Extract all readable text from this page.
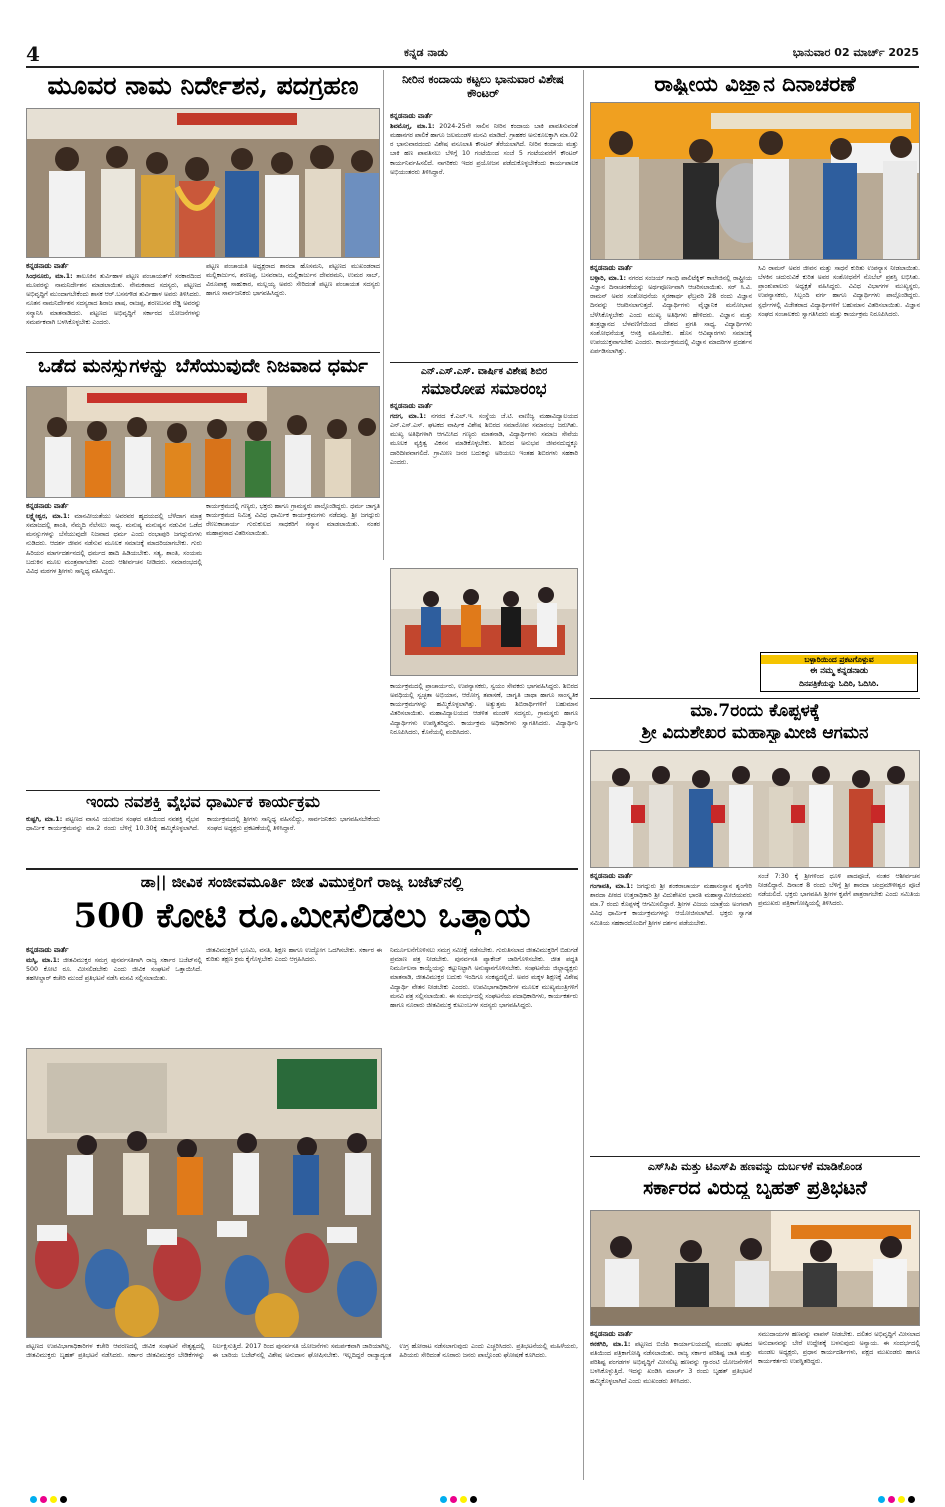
4	ಕನ್ನಡ ನಾಡು	ಭಾನುವಾರ 02 ಮಾರ್ಚ್ 2025
ಮೂವರ ನಾಮ ನಿರ್ದೇಶನ, ಪದಗ್ರಹಣ
ಕನ್ನಡನಾಡು ವಾರ್ತೆ
ಸಿಂಧನೂರು, ಮಾ.1: ತಾಲೂಕಿನ ತುರ್ವಿಹಾಳ ಪಟ್ಟಣ ಪಂಚಾಯತ್‌ಗೆ ಸರಕಾರದಿಂದ ಮೂವರನ್ನು ನಾಮನಿರ್ದೇಶನ ಮಾಡಲಾಯಿತು. ನೇಮಕವಾದ ಸದಸ್ಯರು, ಪಟ್ಟಣದ ಅಭಿವೃದ್ಧಿಗೆ ಮುಂದಾಗಬೇಕೆಂದು ಶಾಸಕ ಆರ್.ಬಸನಗೌಡ ತುರ್ವಿಹಾಳ ಅವರು ತಿಳಿಸಿದರು. ನೂತನ ನಾಮನಿರ್ದೇಶನ ಸದಸ್ಯರಾದ ಶಿರಾಜ ಪಾಷ, ರಾಜಪ್ಪ, ಶರಣಬಸವ ರೆಡ್ಡಿ ಅವರನ್ನು ಸನ್ಮಾನಿಸಿ ಮಾತನಾಡಿದರು. ಪಟ್ಟಣದ ಅಭಿವೃದ್ಧಿಗೆ ಸರ್ಕಾರದ ಯೋಜನೆಗಳನ್ನು ಸಮರ್ಪಕವಾಗಿ ಬಳಸಿಕೊಳ್ಳಬೇಕು ಎಂದರು.
ಪಟ್ಟಣ ಪಂಚಾಯತಿ ಅಧ್ಯಕ್ಷರಾದ ಶಾರದಾ ಹೊಸಮನಿ, ಪಟ್ಟಣದ ಮುಖಂಡರಾದ ಮಲ್ಲಿಕಾರ್ಜುನ, ಶರಣಪ್ಪ, ಬಸವರಾಜ, ಮಲ್ಲಿಕಾರ್ಜುನ ದೇವರಮನಿ, ಉಮರ ಸಾಬ್, ವಿರೂಪಾಕ್ಷ ಸಾಹುಕಾರ, ಮಲ್ಲಯ್ಯ ಅವರು ಸೇರಿದಂತೆ ಪಟ್ಟಣ ಪಂಚಾಯತ ಸದಸ್ಯರು ಹಾಗೂ ಸಾರ್ವಜನಿಕರು ಭಾಗವಹಿಸಿದ್ದರು.
ಒಡೆದ ಮನಸ್ಸುಗಳನ್ನು ಬೆಸೆಯುವುದೇ ನಿಜವಾದ ಧರ್ಮ
ಕನ್ನಡನಾಡು ವಾರ್ತೆ
ಲಕ್ಷ್ಮೇಶ್ವರ, ಮಾ.1: ಮಾನವೀಯತೆಯು ಅವರವರ ಹೃದಯದಲ್ಲಿ ಬೆಳೆದಾಗ ಮಾತ್ರ ಸಮಾಜದಲ್ಲಿ ಶಾಂತಿ, ನೆಮ್ಮದಿ ನೆಲೆಸಲು ಸಾಧ್ಯ. ಮನುಷ್ಯ ಮನುಷ್ಯನ ನಡುವಿನ ಒಡೆದ ಮನಸ್ಸುಗಳನ್ನು ಬೆಸೆಯುವುದೇ ನಿಜವಾದ ಧರ್ಮ ಎಂದು ರಂಭಾಪುರಿ ಜಗದ್ಗುರುಗಳು ನುಡಿದರು. ಆದರ್ಶ ಜೀವನ ನಡೆಸುವ ಮೂಲಕ ಸಮಾಜಕ್ಕೆ ಮಾದರಿಯಾಗಬೇಕು. ಗುರು ಹಿರಿಯರ ಮಾರ್ಗದರ್ಶನದಲ್ಲಿ ಧರ್ಮದ ಹಾದಿ ಹಿಡಿಯಬೇಕು. ಸತ್ಯ, ಶಾಂತಿ, ಸಂಯಮ ಬದುಕಿನ ಮೂಲ ಮಂತ್ರವಾಗಬೇಕು ಎಂದು ಆಶೀರ್ವಚನ ನೀಡಿದರು. ಸಮಾರಂಭದಲ್ಲಿ ವಿವಿಧ ಮಠಗಳ ಶ್ರೀಗಳು ಸಾನ್ನಿಧ್ಯ ವಹಿಸಿದ್ದರು.
ಕಾರ್ಯಕ್ರಮದಲ್ಲಿ ಗಣ್ಯರು, ಭಕ್ತರು ಹಾಗೂ ಗ್ರಾಮಸ್ಥರು ಪಾಲ್ಗೊಂಡಿದ್ದರು. ಧರ್ಮ ಜಾಗೃತಿ ಕಾರ್ಯಕ್ರಮದ ನಿಮಿತ್ತ ವಿವಿಧ ಧಾರ್ಮಿಕ ಕಾರ್ಯಕ್ರಮಗಳು ನಡೆದವು. ಶ್ರೀ ಜಗದ್ಗುರು ರೇಣುಕಾಚಾರ್ಯ ಗುರುಕುಲದ ಸಾಧಕರಿಗೆ ಸನ್ಮಾನ ಮಾಡಲಾಯಿತು. ನಂತರ ಮಹಾಪ್ರಸಾದ ವಿತರಿಸಲಾಯಿತು.
ಇಂದು ನವಶಕ್ತಿ ವೈಭವ ಧಾರ್ಮಿಕ ಕಾರ್ಯಕ್ರಮ
ಕುಷ್ಟಗಿ, ಮಾ.1: ಪಟ್ಟಣದ ವಾಸವಿ ಯುವಜನ ಸಂಘದ ವತಿಯಿಂದ ನವಶಕ್ತಿ ವೈಭವ ಧಾರ್ಮಿಕ ಕಾರ್ಯಕ್ರಮವನ್ನು ಮಾ.2 ರಂದು ಬೆಳಿಗ್ಗೆ 10.30ಕ್ಕೆ ಹಮ್ಮಿಕೊಳ್ಳಲಾಗಿದೆ. ಕಾರ್ಯಕ್ರಮದಲ್ಲಿ ಶ್ರೀಗಳು ಸಾನ್ನಿಧ್ಯ ವಹಿಸಲಿದ್ದು, ಸಾರ್ವಜನಿಕರು ಭಾಗವಹಿಸಬೇಕೆಂದು ಸಂಘದ ಅಧ್ಯಕ್ಷರು ಪ್ರಕಟಣೆಯಲ್ಲಿ ತಿಳಿಸಿದ್ದಾರೆ.
ನೀರಿನ ಕಂದಾಯ ಕಟ್ಟಲು ಭಾನುವಾರ ವಿಶೇಷ ಕೌಂಟರ್
ಕನ್ನಡನಾಡು ವಾರ್ತೆ
ಶಿವಮೊಗ್ಗ, ಮಾ.1: 2024-25ನೇ ಸಾಲಿನ ನೀರಿನ ಕಂದಾಯ ಬಾಕಿ ಪಾವತಿಸುವಂತೆ ಮಹಾನಗರ ಪಾಲಿಕೆ ಹಾಗೂ ಜಲಮಂಡಳಿ ಮನವಿ ಮಾಡಿದೆ. ಗ್ರಾಹಕರ ಅನುಕೂಲಕ್ಕಾಗಿ ಮಾ.02 ರ ಭಾನುವಾರದಂದು ವಿಶೇಷ ವಸೂಲಾತಿ ಕೌಂಟರ್ ತೆರೆಯಲಾಗಿದೆ. ನೀರಿನ ಕಂದಾಯ ಮತ್ತು ಬಾಕಿ ಹಣ ಪಾವತಿಸಲು ಬೆಳಿಗ್ಗೆ 10 ಗಂಟೆಯಿಂದ ಸಂಜೆ 5 ಗಂಟೆಯವರೆಗೆ ಕೌಂಟರ್ ಕಾರ್ಯನಿರ್ವಹಿಸಲಿದೆ. ನಾಗರಿಕರು ಇದರ ಪ್ರಯೋಜನ ಪಡೆದುಕೊಳ್ಳಬೇಕೆಂದು ಕಾರ್ಯಪಾಲಕ ಅಭಿಯಂತರರು ತಿಳಿಸಿದ್ದಾರೆ.
ಎನ್.ಎಸ್.ಎಸ್. ವಾರ್ಷಿಕ ವಿಶೇಷ ಶಿಬಿರ
ಸಮಾರೋಪ ಸಮಾರಂಭ
ಕನ್ನಡನಾಡು ವಾರ್ತೆ
ಗದಗ, ಮಾ.1: ನಗರದ ಕೆ.ಎಲ್.ಇ. ಸಂಸ್ಥೆಯ ಜೆ.ಟಿ. ವಾಣಿಜ್ಯ ಮಹಾವಿದ್ಯಾಲಯದ ಎನ್.ಎಸ್.ಎಸ್. ಘಟಕದ ವಾರ್ಷಿಕ ವಿಶೇಷ ಶಿಬಿರದ ಸಮಾರೋಪ ಸಮಾರಂಭ ಜರುಗಿತು. ಮುಖ್ಯ ಅತಿಥಿಗಳಾಗಿ ಆಗಮಿಸಿದ ಗಣ್ಯರು ಮಾತನಾಡಿ, ವಿದ್ಯಾರ್ಥಿಗಳು ಸಮಾಜ ಸೇವೆಯ ಮೂಲಕ ವ್ಯಕ್ತಿತ್ವ ವಿಕಸನ ಮಾಡಿಕೊಳ್ಳಬೇಕು. ಶಿಬಿರದ ಅನುಭವ ಜೀವನದುದ್ದಕ್ಕೂ ದಾರಿದೀಪವಾಗಲಿದೆ. ಗ್ರಾಮೀಣ ಜನರ ಬದುಕನ್ನು ಅರಿಯಲು ಇಂತಹ ಶಿಬಿರಗಳು ಸಹಕಾರಿ ಎಂದರು.
ಕಾರ್ಯಕ್ರಮದಲ್ಲಿ ಪ್ರಾಚಾರ್ಯರು, ಉಪನ್ಯಾಸಕರು, ಸ್ವಯಂ ಸೇವಕರು ಭಾಗವಹಿಸಿದ್ದರು. ಶಿಬಿರದ ಅವಧಿಯಲ್ಲಿ ಸ್ವಚ್ಛತಾ ಅಭಿಯಾನ, ಆರೋಗ್ಯ ತಪಾಸಣೆ, ಜಾಗೃತಿ ಜಾಥಾ ಹಾಗೂ ಸಾಂಸ್ಕೃತಿಕ ಕಾರ್ಯಕ್ರಮಗಳನ್ನು ಹಮ್ಮಿಕೊಳ್ಳಲಾಗಿತ್ತು. ಅತ್ಯುತ್ತಮ ಶಿಬಿರಾರ್ಥಿಗಳಿಗೆ ಬಹುಮಾನ ವಿತರಿಸಲಾಯಿತು. ಮಹಾವಿದ್ಯಾಲಯದ ಆಡಳಿತ ಮಂಡಳಿ ಸದಸ್ಯರು, ಗ್ರಾಮಸ್ಥರು ಹಾಗೂ ವಿದ್ಯಾರ್ಥಿಗಳು ಉಪಸ್ಥಿತರಿದ್ದರು. ಕಾರ್ಯಕ್ರಮ ಅಧಿಕಾರಿಗಳು ಸ್ವಾಗತಿಸಿದರು. ವಿದ್ಯಾರ್ಥಿನಿ ನಿರೂಪಿಸಿದರು, ಕೊನೆಯಲ್ಲಿ ವಂದಿಸಿದರು.
ರಾಷ್ಟ್ರೀಯ ವಿಜ್ಞಾನ ದಿನಾಚರಣೆ
ಕನ್ನಡನಾಡು ವಾರ್ತೆ
ಬಳ್ಳಾರಿ, ಮಾ.1: ನಗರದ ಸಂಜಯ್ ಗಾಂಧಿ ಪಾಲಿಟೆಕ್ನಿಕ್ ಕಾಲೇಜಿನಲ್ಲಿ ರಾಷ್ಟ್ರೀಯ ವಿಜ್ಞಾನ ದಿನಾಚರಣೆಯನ್ನು ಅರ್ಥಪೂರ್ಣವಾಗಿ ಆಚರಿಸಲಾಯಿತು. ಸರ್ ಸಿ.ವಿ. ರಾಮನ್ ಅವರ ಸಂಶೋಧನೆಯ ಸ್ಮರಣಾರ್ಥ ಫೆಬ್ರವರಿ 28 ರಂದು ವಿಜ್ಞಾನ ದಿನವನ್ನು ಆಚರಿಸಲಾಗುತ್ತದೆ. ವಿದ್ಯಾರ್ಥಿಗಳು ವೈಜ್ಞಾನಿಕ ಮನೋಭಾವ ಬೆಳೆಸಿಕೊಳ್ಳಬೇಕು ಎಂದು ಮುಖ್ಯ ಅತಿಥಿಗಳು ಹೇಳಿದರು. ವಿಜ್ಞಾನ ಮತ್ತು ತಂತ್ರಜ್ಞಾನದ ಬೆಳವಣಿಗೆಯಿಂದ ದೇಶದ ಪ್ರಗತಿ ಸಾಧ್ಯ. ವಿದ್ಯಾರ್ಥಿಗಳು ಸಂಶೋಧನೆಯತ್ತ ಆಸಕ್ತಿ ವಹಿಸಬೇಕು. ಹೊಸ ಆವಿಷ್ಕಾರಗಳು ಸಮಾಜಕ್ಕೆ ಉಪಯುಕ್ತವಾಗಬೇಕು ಎಂದರು. ಕಾರ್ಯಕ್ರಮದಲ್ಲಿ ವಿಜ್ಞಾನ ಮಾದರಿಗಳ ಪ್ರದರ್ಶನ ಏರ್ಪಡಿಸಲಾಗಿತ್ತು.
ಸಿವಿ ರಾಮನ್ ಅವರ ಜೀವನ ಮತ್ತು ಸಾಧನೆ ಕುರಿತು ಉಪನ್ಯಾಸ ನೀಡಲಾಯಿತು. ಬೆಳಕಿನ ಚದುರುವಿಕೆ ಕುರಿತ ಅವರ ಸಂಶೋಧನೆಗೆ ನೊಬೆಲ್ ಪ್ರಶಸ್ತಿ ಲಭಿಸಿತು. ಪ್ರಾಂಶುಪಾಲರು ಅಧ್ಯಕ್ಷತೆ ವಹಿಸಿದ್ದರು. ವಿವಿಧ ವಿಭಾಗಗಳ ಮುಖ್ಯಸ್ಥರು, ಉಪನ್ಯಾಸಕರು, ಸಿಬ್ಬಂದಿ ವರ್ಗ ಹಾಗೂ ವಿದ್ಯಾರ್ಥಿಗಳು ಪಾಲ್ಗೊಂಡಿದ್ದರು. ಸ್ಪರ್ಧೆಗಳಲ್ಲಿ ವಿಜೇತರಾದ ವಿದ್ಯಾರ್ಥಿಗಳಿಗೆ ಬಹುಮಾನ ವಿತರಿಸಲಾಯಿತು. ವಿಜ್ಞಾನ ಸಂಘದ ಸಂಚಾಲಕರು ಸ್ವಾಗತಿಸಿದರು ಮತ್ತು ಕಾರ್ಯಕ್ರಮ ನಿರೂಪಿಸಿದರು.
ಬಳ್ಳಾರಿಯಿಂದ ಪ್ರಕಟಗೊಳ್ಳುವ
ಈ ನಮ್ಮ ಕನ್ನಡನಾಡು
ದಿನಪತ್ರಿಕೆಯನ್ನು ಓದಿರಿ, ಓದಿಸಿರಿ.
ಮಾ.7ರಂದು ಕೊಪ್ಪಳಕ್ಕೆ
ಶ್ರೀ ವಿದುಶೇಖರ ಮಹಾಸ್ವಾಮೀಜಿ ಆಗಮನ
ಕನ್ನಡನಾಡು ವಾರ್ತೆ
ಗಂಗಾವತಿ, ಮಾ.1: ಜಗದ್ಗುರು ಶ್ರೀ ಶಂಕರಾಚಾರ್ಯ ಮಹಾಸಂಸ್ಥಾನ ಶೃಂಗೇರಿ ಶಾರದಾ ಪೀಠದ ಉತ್ತರಾಧಿಕಾರಿ ಶ್ರೀ ವಿದುಶೇಖರ ಭಾರತಿ ಮಹಾಸ್ವಾಮೀಜಿಯವರು ಮಾ.7 ರಂದು ಕೊಪ್ಪಳಕ್ಕೆ ಆಗಮಿಸಲಿದ್ದಾರೆ. ಶ್ರೀಗಳ ವಿಜಯ ಯಾತ್ರೆಯ ಅಂಗವಾಗಿ ವಿವಿಧ ಧಾರ್ಮಿಕ ಕಾರ್ಯಕ್ರಮಗಳನ್ನು ಆಯೋಜಿಸಲಾಗಿದೆ. ಭಕ್ತರು ಸ್ವಾಗತ ಸಮಿತಿಯ ಸಹಕಾರದೊಂದಿಗೆ ಶ್ರೀಗಳ ದರ್ಶನ ಪಡೆಯಬೇಕು.
ಸಂಜೆ 7:30 ಕ್ಕೆ ಶ್ರೀಗಳಿಂದ ಧೂಳಿ ಪಾದಪೂಜೆ, ನಂತರ ಆಶೀರ್ವಚನ ನೀಡಲಿದ್ದಾರೆ. ದಿನಾಂಕ 8 ರಂದು ಬೆಳಿಗ್ಗೆ ಶ್ರೀ ಶಾರದಾ ಚಂದ್ರಮೌಳೀಶ್ವರ ಪೂಜೆ ನಡೆಯಲಿದೆ. ಭಕ್ತರು ಭಾಗವಹಿಸಿ ಶ್ರೀಗಳ ಕೃಪೆಗೆ ಪಾತ್ರರಾಗಬೇಕು ಎಂದು ಸಮಿತಿಯ ಪ್ರಮುಖರು ಪತ್ರಿಕಾಗೋಷ್ಠಿಯಲ್ಲಿ ತಿಳಿಸಿದರು.
ಎಸ್‌ಸಿಪಿ ಮತ್ತು ಟಿಎಸ್‌ಪಿ ಹಣವನ್ನು ದುರ್ಬಳಕೆ ಮಾಡಿಕೊಂಡ
ಸರ್ಕಾರದ ವಿರುದ್ಧ ಬೃಹತ್ ಪ್ರತಿಭಟನೆ
ಕನ್ನಡನಾಡು ವಾರ್ತೆ
ಕನಕಗಿರಿ, ಮಾ.1: ಪಟ್ಟಣದ ಬಿಜೆಪಿ ಕಾರ್ಯಾಲಯದಲ್ಲಿ ಮಂಡಲ ಘಟಕದ ವತಿಯಿಂದ ಪತ್ರಿಕಾಗೋಷ್ಠಿ ನಡೆಸಲಾಯಿತು. ರಾಜ್ಯ ಸರ್ಕಾರ ಪರಿಶಿಷ್ಟ ಜಾತಿ ಮತ್ತು ಪರಿಶಿಷ್ಟ ಪಂಗಡಗಳ ಅಭಿವೃದ್ಧಿಗೆ ಮೀಸಲಿಟ್ಟ ಹಣವನ್ನು ಗ್ಯಾರಂಟಿ ಯೋಜನೆಗಳಿಗೆ ಬಳಸಿಕೊಳ್ಳುತ್ತಿದೆ. ಇದನ್ನು ಖಂಡಿಸಿ ಮಾರ್ಚ್ 3 ರಂದು ಬೃಹತ್ ಪ್ರತಿಭಟನೆ ಹಮ್ಮಿಕೊಳ್ಳಲಾಗಿದೆ ಎಂದು ಮುಖಂಡರು ತಿಳಿಸಿದರು.
ಸಮುದಾಯಗಳ ಹಣವನ್ನು ವಾಪಸ್ ನೀಡಬೇಕು. ದಲಿತರ ಅಭಿವೃದ್ಧಿಗೆ ಮೀಸಲಾದ ಅನುದಾನವನ್ನು ಬೇರೆ ಉದ್ದೇಶಕ್ಕೆ ಬಳಸುವುದು ಅನ್ಯಾಯ. ಈ ಸಂದರ್ಭದಲ್ಲಿ ಮಂಡಲ ಅಧ್ಯಕ್ಷರು, ಪ್ರಧಾನ ಕಾರ್ಯದರ್ಶಿಗಳು, ಪಕ್ಷದ ಮುಖಂಡರು ಹಾಗೂ ಕಾರ್ಯಕರ್ತರು ಉಪಸ್ಥಿತರಿದ್ದರು.
ಡಾ|| ಜೀವಿಕ ಸಂಜೀವಮೂರ್ತಿ ಜೀತ ವಿಮುಕ್ತರಿಗೆ ರಾಜ್ಯ ಬಜೆಟ್‌ನಲ್ಲಿ
500 ಕೋಟಿ ರೂ.ಮೀಸಲಿಡಲು ಒತ್ತಾಯ
ಕನ್ನಡನಾಡು ವಾರ್ತೆ
ಮಸ್ಕಿ, ಮಾ.1: ಜೀತವಿಮುಕ್ತರ ಸಮಗ್ರ ಪುನರ್ವಸತಿಗಾಗಿ ರಾಜ್ಯ ಸರ್ಕಾರ ಬಜೆಟ್‌ನಲ್ಲಿ 500 ಕೋಟಿ ರೂ. ಮೀಸಲಿಡಬೇಕು ಎಂದು ಜೀವಿಕ ಸಂಘಟನೆ ಒತ್ತಾಯಿಸಿದೆ. ತಹಸೀಲ್ದಾರ್ ಕಚೇರಿ ಮುಂದೆ ಪ್ರತಿಭಟನೆ ನಡೆಸಿ ಮನವಿ ಸಲ್ಲಿಸಲಾಯಿತು.
ಜೀತವಿಮುಕ್ತರಿಗೆ ಭೂಮಿ, ವಸತಿ, ಶಿಕ್ಷಣ ಹಾಗೂ ಉದ್ಯೋಗ ಒದಗಿಸಬೇಕು. ಸರ್ಕಾರ ಈ ಕುರಿತು ತಕ್ಷಣ ಕ್ರಮ ಕೈಗೊಳ್ಳಬೇಕು ಎಂದು ಆಗ್ರಹಿಸಿದರು.
ನಿರ್ಮೂಲನೆಗೊಳಿಸಲು ಸಮಗ್ರ ಸಮೀಕ್ಷೆ ನಡೆಸಬೇಕು. ಗುರುತಿಸಲಾದ ಜೀತವಿಮುಕ್ತರಿಗೆ ಬಿಡುಗಡೆ ಪ್ರಮಾಣ ಪತ್ರ ನೀಡಬೇಕು. ಪುನರ್ವಸತಿ ಪ್ಯಾಕೇಜ್ ಜಾರಿಗೊಳಿಸಬೇಕು. ಜೀತ ಪದ್ಧತಿ ನಿರ್ಮೂಲನಾ ಕಾಯ್ದೆಯನ್ನು ಕಟ್ಟುನಿಟ್ಟಾಗಿ ಅನುಷ್ಠಾನಗೊಳಿಸಬೇಕು. ಸಂಘಟನೆಯ ಜಿಲ್ಲಾಧ್ಯಕ್ಷರು ಮಾತನಾಡಿ, ಜೀತವಿಮುಕ್ತರ ಬದುಕು ಇಂದಿಗೂ ಸಂಕಷ್ಟದಲ್ಲಿದೆ. ಅವರ ಮಕ್ಕಳ ಶಿಕ್ಷಣಕ್ಕೆ ವಿಶೇಷ ವಿದ್ಯಾರ್ಥಿ ವೇತನ ನೀಡಬೇಕು ಎಂದರು. ಉಪವಿಭಾಗಾಧಿಕಾರಿಗಳ ಮೂಲಕ ಮುಖ್ಯಮಂತ್ರಿಗಳಿಗೆ ಮನವಿ ಪತ್ರ ಸಲ್ಲಿಸಲಾಯಿತು. ಈ ಸಂದರ್ಭದಲ್ಲಿ ಸಂಘಟನೆಯ ಪದಾಧಿಕಾರಿಗಳು, ಕಾರ್ಯಕರ್ತರು ಹಾಗೂ ನೂರಾರು ಜೀತವಿಮುಕ್ತ ಕುಟುಂಬಗಳ ಸದಸ್ಯರು ಭಾಗವಹಿಸಿದ್ದರು.
ಪಟ್ಟಣದ ಉಪವಿಭಾಗಾಧಿಕಾರಿಗಳ ಕಚೇರಿ ಆವರಣದಲ್ಲಿ ಜೀವಿಕ ಸಂಘಟನೆ ನೇತೃತ್ವದಲ್ಲಿ ಜೀತವಿಮುಕ್ತರು ಬೃಹತ್ ಪ್ರತಿಭಟನೆ ನಡೆಸಿದರು. ಸರ್ಕಾರ ಜೀತವಿಮುಕ್ತರ ಬೇಡಿಕೆಗಳನ್ನು ನಿರ್ಲಕ್ಷಿಸುತ್ತಿದೆ. 2017 ರಿಂದ ಪುನರ್ವಸತಿ ಯೋಜನೆಗಳು ಸಮರ್ಪಕವಾಗಿ ಜಾರಿಯಾಗಿಲ್ಲ. ಈ ಬಾರಿಯ ಬಜೆಟ್‌ನಲ್ಲಿ ವಿಶೇಷ ಅನುದಾನ ಘೋಷಿಸಬೇಕು. ಇಲ್ಲದಿದ್ದರೆ ರಾಜ್ಯಾದ್ಯಂತ ಉಗ್ರ ಹೋರಾಟ ನಡೆಸಲಾಗುವುದು ಎಂದು ಎಚ್ಚರಿಸಿದರು. ಪ್ರತಿಭಟನೆಯಲ್ಲಿ ಮಹಿಳೆಯರು, ಹಿರಿಯರು ಸೇರಿದಂತೆ ನೂರಾರು ಜನರು ಪಾಲ್ಗೊಂಡು ಘೋಷಣೆ ಕೂಗಿದರು.
